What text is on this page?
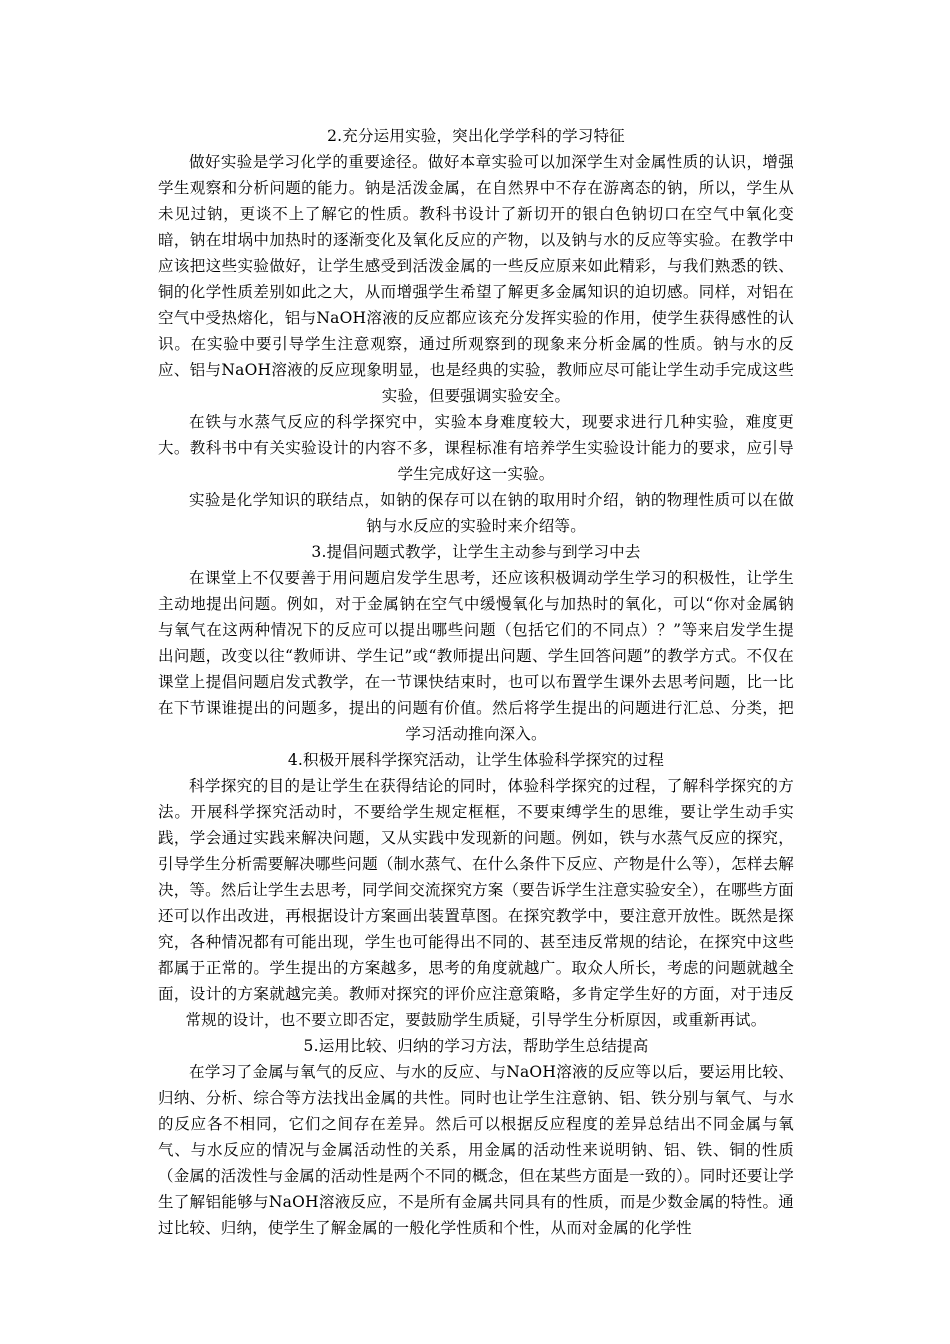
2.充分运用实验，突出化学学科的学习特征

做好实验是学习化学的重要途径。做好本章实验可以加深学生对金属性质的认识，增强学生观察和分析问题的能力。钠是活泼金属，在自然界中不存在游离态的钠，所以，学生从未见过钠，更谈不上了解它的性质。教科书设计了新切开的银白色钠切口在空气中氧化变暗，钠在坩埚中加热时的逐渐变化及氧化反应的产物，以及钠与水的反应等实验。在教学中应该把这些实验做好，让学生感受到活泼金属的一些反应原来如此精彩，与我们熟悉的铁、铜的化学性质差别如此之大，从而增强学生希望了解更多金属知识的迫切感。同样，对铝在空气中受热熔化，铝与NaOH溶液的反应都应该充分发挥实验的作用，使学生获得感性的认识。在实验中要引导学生注意观察，通过所观察到的现象来分析金属的性质。钠与水的反应、铝与NaOH溶液的反应现象明显，也是经典的实验，教师应尽可能让学生动手完成这些实验，但要强调实验安全。

在铁与水蒸气反应的科学探究中，实验本身难度较大，现要求进行几种实验，难度更大。教科书中有关实验设计的内容不多，课程标准有培养学生实验设计能力的要求，应引导学生完成好这一实验。

实验是化学知识的联结点，如钠的保存可以在钠的取用时介绍，钠的物理性质可以在做钠与水反应的实验时来介绍等。

3.提倡问题式教学，让学生主动参与到学习中去

在课堂上不仅要善于用问题启发学生思考，还应该积极调动学生学习的积极性，让学生主动地提出问题。例如，对于金属钠在空气中缓慢氧化与加热时的氧化，可以“你对金属钠与氧气在这两种情况下的反应可以提出哪些问题（包括它们的不同点）？”等来启发学生提出问题，改变以往“教师讲、学生记”或“教师提出问题、学生回答问题”的教学方式。不仅在课堂上提倡问题启发式教学，在一节课快结束时，也可以布置学生课外去思考问题，比一比在下节课谁提出的问题多，提出的问题有价值。然后将学生提出的问题进行汇总、分类，把学习活动推向深入。

4.积极开展科学探究活动，让学生体验科学探究的过程

科学探究的目的是让学生在获得结论的同时，体验科学探究的过程，了解科学探究的方法。开展科学探究活动时，不要给学生规定框框，不要束缚学生的思维，要让学生动手实践，学会通过实践来解决问题，又从实践中发现新的问题。例如，铁与水蒸气反应的探究，引导学生分析需要解决哪些问题（制水蒸气、在什么条件下反应、产物是什么等），怎样去解决，等。然后让学生去思考，同学间交流探究方案（要告诉学生注意实验安全），在哪些方面还可以作出改进，再根据设计方案画出装置草图。在探究教学中，要注意开放性。既然是探究，各种情况都有可能出现，学生也可能得出不同的、甚至违反常规的结论，在探究中这些都属于正常的。学生提出的方案越多，思考的角度就越广。取众人所长，考虑的问题就越全面，设计的方案就越完美。教师对探究的评价应注意策略，多肯定学生好的方面，对于违反常规的设计，也不要立即否定，要鼓励学生质疑，引导学生分析原因，或重新再试。

5.运用比较、归纳的学习方法，帮助学生总结提高

在学习了金属与氧气的反应、与水的反应、与NaOH溶液的反应等以后，要运用比较、归纳、分析、综合等方法找出金属的共性。同时也让学生注意钠、铝、铁分别与氧气、与水的反应各不相同，它们之间存在差异。然后可以根据反应程度的差异总结出不同金属与氧气、与水反应的情况与金属活动性的关系，用金属的活动性来说明钠、铝、铁、铜的性质（金属的活泼性与金属的活动性是两个不同的概念，但在某些方面是一致的）。同时还要让学生了解铝能够与NaOH溶液反应，不是所有金属共同具有的性质，而是少数金属的特性。通过比较、归纳，使学生了解金属的一般化学性质和个性，从而对金属的化学性
